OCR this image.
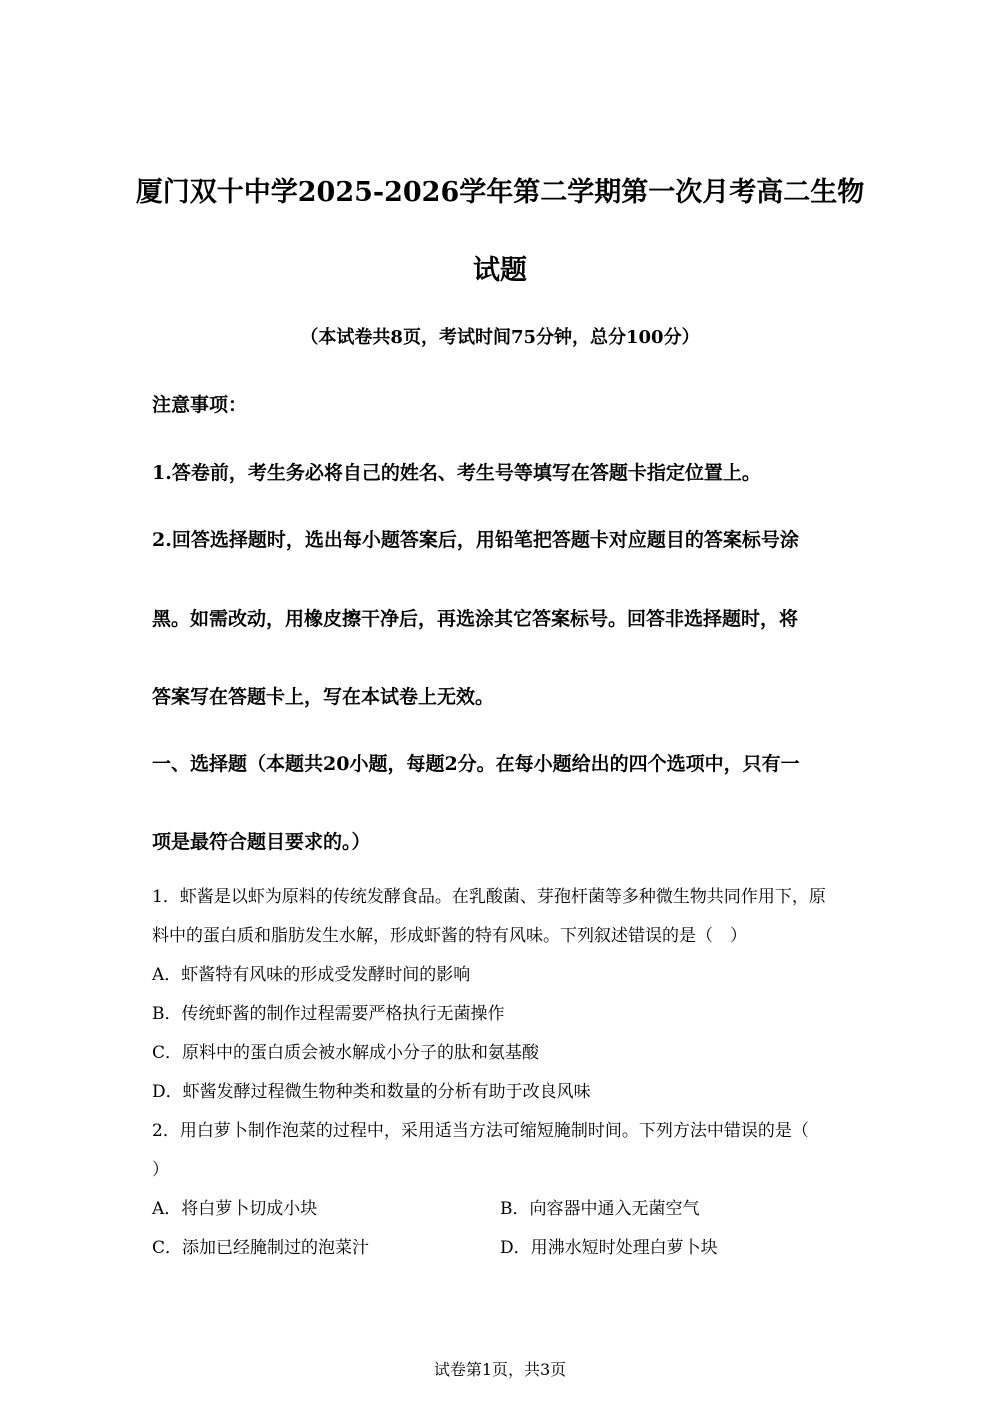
厦门双十中学2025-2026学年第二学期第一次月考高二生物
试题
（本试卷共8页，考试时间75分钟，总分100分）
注意事项：
1.答卷前，考生务必将自己的姓名、考生号等填写在答题卡指定位置上。
2.回答选择题时，选出每小题答案后，用铅笔把答题卡对应题目的答案标号涂
黑。如需改动，用橡皮擦干净后，再选涂其它答案标号。回答非选择题时，将
答案写在答题卡上，写在本试卷上无效。
一、选择题（本题共20小题，每题2分。在每小题给出的四个选项中，只有一
项是最符合题目要求的。）
1．虾酱是以虾为原料的传统发酵食品。在乳酸菌、芽孢杆菌等多种微生物共同作用下，原
料中的蛋白质和脂肪发生水解，形成虾酱的特有风味。下列叙述错误的是（　）
A．虾酱特有风味的形成受发酵时间的影响
B．传统虾酱的制作过程需要严格执行无菌操作
C．原料中的蛋白质会被水解成小分子的肽和氨基酸
D．虾酱发酵过程微生物种类和数量的分析有助于改良风味
2．用白萝卜制作泡菜的过程中，采用适当方法可缩短腌制时间。下列方法中错误的是（
）
A．将白萝卜切成小块	B．向容器中通入无菌空气
C．添加已经腌制过的泡菜汁	D．用沸水短时处理白萝卜块
试卷第1页，共3页
